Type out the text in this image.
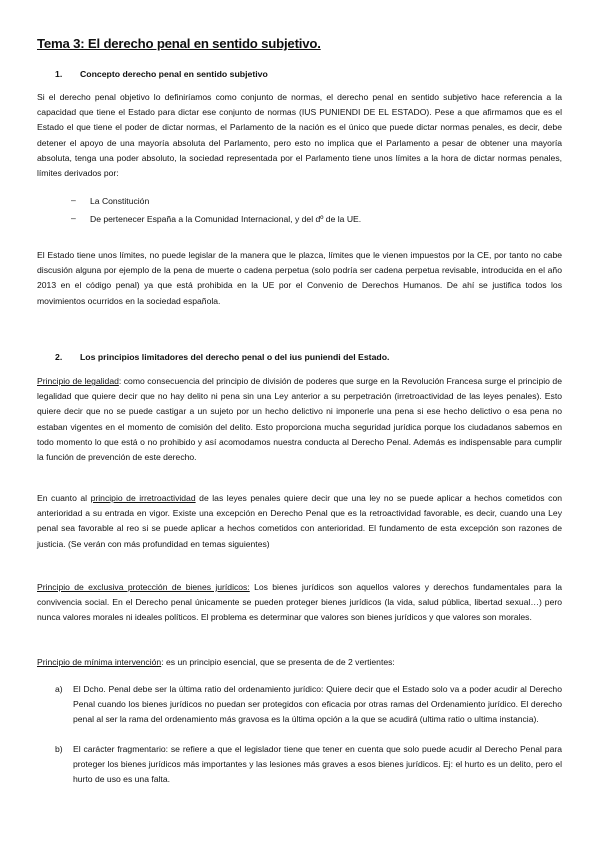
Tema 3: El derecho penal en sentido subjetivo.
1. Concepto derecho penal en sentido subjetivo
Si el derecho penal objetivo lo definiríamos como conjunto de normas, el derecho penal en sentido subjetivo hace referencia a la capacidad que tiene el Estado para dictar ese conjunto de normas (IUS PUNIENDI DE EL ESTADO). Pese a que afirmamos que es el Estado el que tiene el poder de dictar normas, el Parlamento de la nación es el único que puede dictar normas penales, es decir, debe detener el apoyo de una mayoría absoluta del Parlamento, pero esto no implica que el Parlamento a pesar de obtener una mayoría absoluta, tenga una poder absoluto, la sociedad representada por el Parlamento tiene unos límites a la hora de dictar normas penales, límites derivados por:
– La Constitución
– De pertenecer España a la Comunidad Internacional, y del dº de la UE.
El Estado tiene unos límites, no puede legislar de la manera que le plazca, límites que le vienen impuestos por la CE, por tanto no cabe discusión alguna por ejemplo de la pena de muerte o cadena perpetua (solo podría ser cadena perpetua revisable, introducida en el año 2013 en el código penal) ya que está prohibida en la UE por el Convenio de Derechos Humanos. De ahí se justifica todos los movimientos ocurridos en la sociedad española.
2. Los principios limitadores del derecho penal o del ius puniendi del Estado.
Principio de legalidad: como consecuencia del principio de división de poderes que surge en la Revolución Francesa surge el principio de legalidad que quiere decir que no hay delito ni pena sin una Ley anterior a su perpetración (irretroactividad de las leyes penales). Esto quiere decir que no se puede castigar a un sujeto por un hecho delictivo ni imponerle una pena si ese hecho delictivo o esa pena no estaban vigentes en el momento de comisión del delito. Esto proporciona mucha seguridad jurídica porque los ciudadanos sabemos en todo momento lo que está o no prohibido y así acomodamos nuestra conducta al Derecho Penal. Además es indispensable para cumplir la función de prevención de este derecho.
En cuanto al principio de irretroactividad de las leyes penales quiere decir que una ley no se puede aplicar a hechos cometidos con anterioridad a su entrada en vigor. Existe una excepción en Derecho Penal que es la retroactividad favorable, es decir, cuando una Ley penal sea favorable al reo si se puede aplicar a hechos cometidos con anterioridad. El fundamento de esta excepción son razones de justicia. (Se verán con más profundidad en temas siguientes)
Principio de exclusiva protección de bienes jurídicos: Los bienes jurídicos son aquellos valores y derechos fundamentales para la convivencia social. En el Derecho penal únicamente se pueden proteger bienes jurídicos (la vida, salud pública, libertad sexual…) pero nunca valores morales ni ideales políticos. El problema es determinar que valores son bienes jurídicos y que valores son morales.
Principio de mínima intervención: es un principio esencial, que se presenta de de 2 vertientes:
a) El Dcho. Penal debe ser la última ratio del ordenamiento jurídico: Quiere decir que el Estado solo va a poder acudir al Derecho Penal cuando los bienes jurídicos no puedan ser protegidos con eficacia por otras ramas del Ordenamiento jurídico. El derecho penal al ser la rama del ordenamiento más gravosa es la última opción a la que se acudirá (ultima ratio o ultima instancia).
b) El carácter fragmentario: se refiere a que el legislador tiene que tener en cuenta que solo puede acudir al Derecho Penal para proteger los bienes jurídicos más importantes y las lesiones más graves a esos bienes jurídicos. Ej: el hurto es un delito, pero el hurto de uso es una falta.
